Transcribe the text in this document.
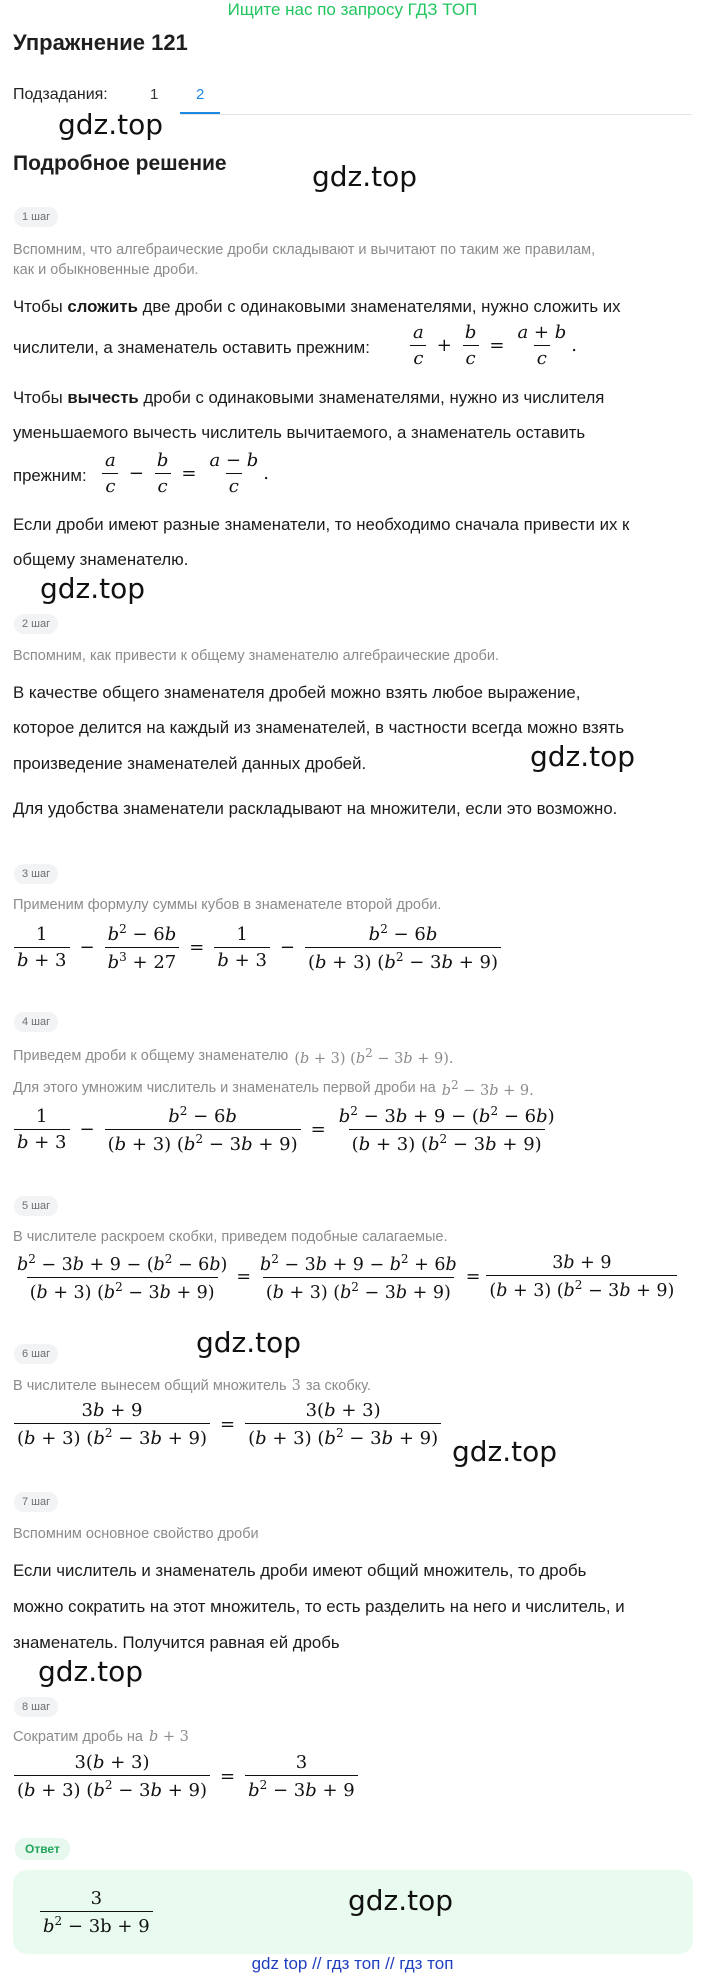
Ищите нас по запросу ГДЗ ТОП
Упражнение 121
Подзадания:	1	2
Подробное решение
gdz.top
gdz.top
gdz.top
gdz.top
gdz.top
gdz.top
gdz.top
1 шаг
Вспомним, что алгебраические дроби складывают и вычитают по таким же правилам,
как и обыкновенные дроби.
Чтобы сложить две дроби с одинаковыми знаменателями, нужно сложить их
числители, а знаменатель оставить прежним: $\frac{a}{c} + \frac{b}{c} = \frac{a + b}{c}$ .
Чтобы вычесть дроби с одинаковыми знаменателями, нужно из числителя
уменьшаемого вычесть числитель вычитаемого, а знаменатель оставить
прежним: $\frac{a}{c} - \frac{b}{c} = \frac{a - b}{c}$ .
Если дроби имеют разные знаменатели, то необходимо сначала привести их к
общему знаменателю.
2 шаг
Вспомним, как привести к общему знаменателю алгебраические дроби.
В качестве общего знаменателя дробей можно взять любое выражение,
которое делится на каждый из знаменателей, в частности всегда можно взять
произведение знаменателей данных дробей.
Для удобства знаменатели раскладывают на множители, если это возможно.
3 шаг
Применим формулу суммы кубов в знаменателе второй дроби.
$\frac{1}{b + 3} - \frac{b^2 - 6b}{b^3 + 27} = \frac{1}{b + 3} - \frac{b^2 - 6b}{(b + 3) (b^2 - 3b + 9)}$
4 шаг
Приведем дроби к общему знаменателю (b + 3) $(b^2 - 3b + 9)$.
Для этого умножим числитель и знаменатель первой дроби на $b^2 - 3b + 9$.
$\frac{1}{b + 3} - \frac{b^2 - 6b}{(b + 3) (b^2 - 3b + 9)} = \frac{b^2 - 3b + 9 - (b^2 - 6b)}{(b + 3) (b^2 - 3b + 9)}$
5 шаг
В числителе раскроем скобки, приведем подобные салагаемые.
$\frac{b^2 - 3b + 9 - (b^2 - 6b)}{(b + 3) (b^2 - 3b + 9)} = \frac{b^2 - 3b + 9 - b^2 + 6b}{(b + 3) (b^2 - 3b + 9)} = \frac{3b + 9}{(b + 3) (b^2 - 3b + 9)}$
6 шаг
В числителе вынесем общий множитель 3 за скобку.
$\frac{3b + 9}{(b + 3) (b^2 - 3b + 9)} = \frac{3(b + 3)}{(b + 3) (b^2 - 3b + 9)}$
7 шаг
Вспомним основное свойство дроби
Если числитель и знаменатель дроби имеют общий множитель, то дробь
можно сократить на этот множитель, то есть разделить на него и числитель, и
знаменатель. Получится равная ей дробь
8 шаг
Сократим дробь на b + 3
$\frac{3(b + 3)}{(b + 3) (b^2 - 3b + 9)} = \frac{3}{b^2 - 3b + 9}$
Ответ
$\frac{3}{b^2 - 3b + 9}$	gdz.top
gdz top // гдз топ // гдз топ
